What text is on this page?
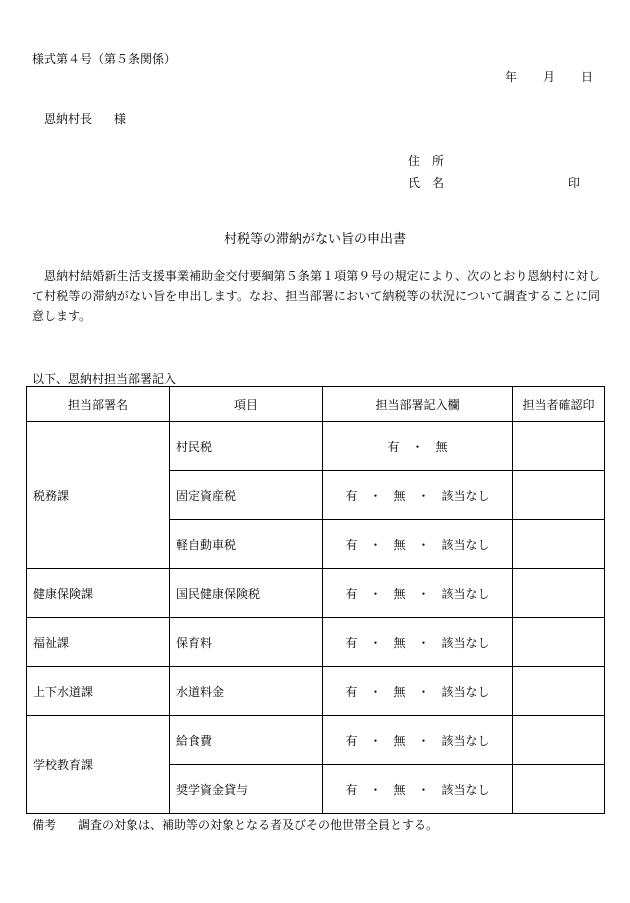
様式第４号（第５条関係）
年 月 日
恩納村長 様
住　所
氏　名	印
村税等の滞納がない旨の申出書
恩納村結婚新生活支援事業補助金交付要綱第５条第１項第９号の規定により、次のとおり恩納村に対して村税等の滞納がない旨を申出します。なお、担当部署において納税等の状況について調査することに同意します。
以下、恩納村担当部署記入
担当部署名	項目	担当部署記入欄	担当者確認印
税務課	村民税	有　・　無	
	固定資産税	有　・　無　・　該当なし	
	軽自動車税	有　・　無　・　該当なし	
健康保険課	国民健康保険税	有　・　無　・　該当なし	
福祉課	保育料	有　・　無　・　該当なし	
上下水道課	水道料金	有　・　無　・　該当なし	
学校教育課	給食費	有　・　無　・　該当なし	
	奨学資金貸与	有　・　無　・　該当なし	
備考 調査の対象は、補助等の対象となる者及びその他世帯全員とする。
